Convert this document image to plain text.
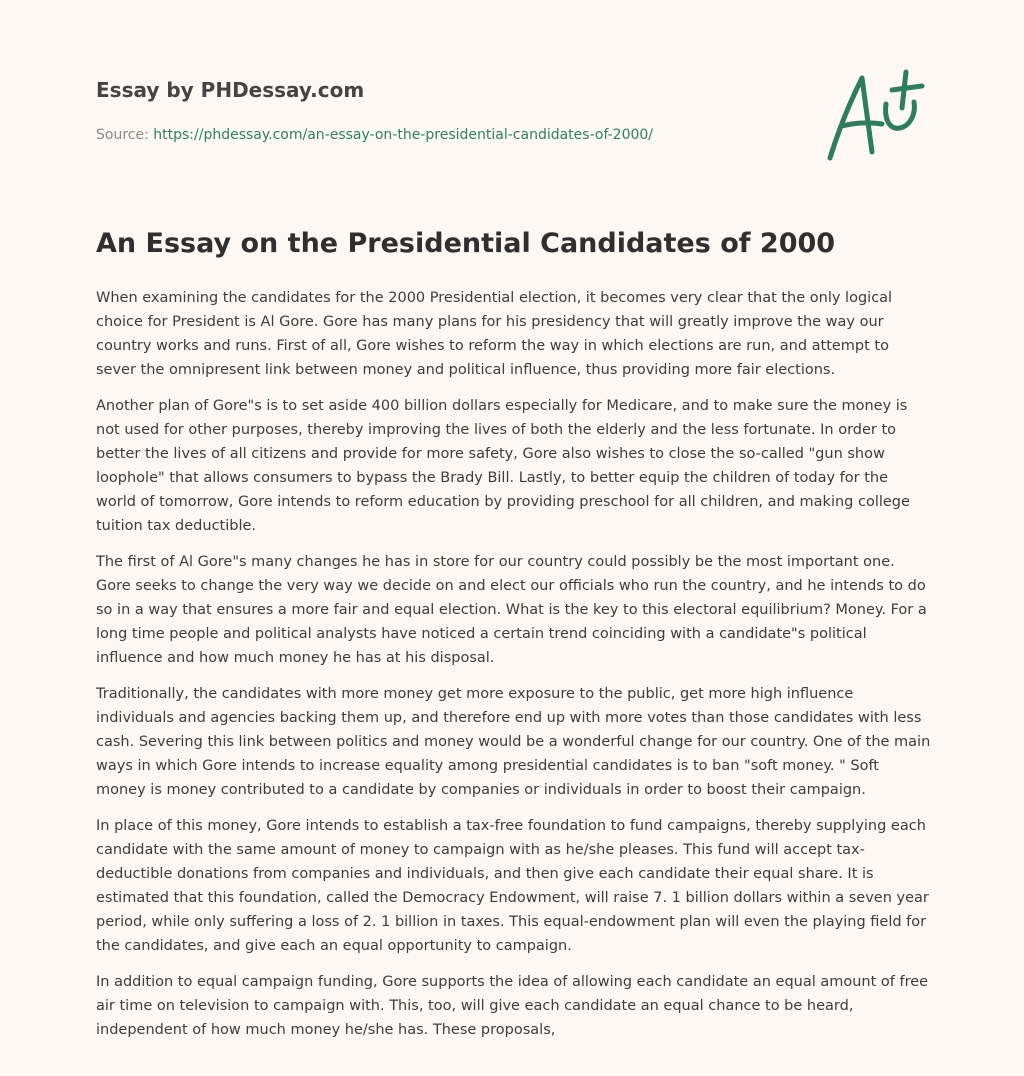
Essay by PHDessay.com
Source: https://phdessay.com/an-essay-on-the-presidential-candidates-of-2000/
An Essay on the Presidential Candidates of 2000

When examining the candidates for the 2000 Presidential election, it becomes very clear that the only logical choice for President is Al Gore. Gore has many plans for his presidency that will greatly improve the way our country works and runs. First of all, Gore wishes to reform the way in which elections are run, and attempt to sever the omnipresent link between money and political influence, thus providing more fair elections.

Another plan of Gore"s is to set aside 400 billion dollars especially for Medicare, and to make sure the money is not used for other purposes, thereby improving the lives of both the elderly and the less fortunate. In order to better the lives of all citizens and provide for more safety, Gore also wishes to close the so-called "gun show loophole" that allows consumers to bypass the Brady Bill. Lastly, to better equip the children of today for the world of tomorrow, Gore intends to reform education by providing preschool for all children, and making college tuition tax deductible.

The first of Al Gore"s many changes he has in store for our country could possibly be the most important one. Gore seeks to change the very way we decide on and elect our officials who run the country, and he intends to do so in a way that ensures a more fair and equal election. What is the key to this electoral equilibrium? Money. For a long time people and political analysts have noticed a certain trend coinciding with a candidate"s political influence and how much money he has at his disposal.

Traditionally, the candidates with more money get more exposure to the public, get more high influence individuals and agencies backing them up, and therefore end up with more votes than those candidates with less cash. Severing this link between politics and money would be a wonderful change for our country. One of the main ways in which Gore intends to increase equality among presidential candidates is to ban "soft money. " Soft money is money contributed to a candidate by companies or individuals in order to boost their campaign.

In place of this money, Gore intends to establish a tax-free foundation to fund campaigns, thereby supplying each candidate with the same amount of money to campaign with as he/she pleases. This fund will accept tax-deductible donations from companies and individuals, and then give each candidate their equal share. It is estimated that this foundation, called the Democracy Endowment, will raise 7. 1 billion dollars within a seven year period, while only suffering a loss of 2. 1 billion in taxes. This equal-endowment plan will even the playing field for the candidates, and give each an equal opportunity to campaign.

In addition to equal campaign funding, Gore supports the idea of allowing each candidate an equal amount of free air time on television to campaign with. This, too, will give each candidate an equal chance to be heard, independent of how much money he/she has. These proposals,
